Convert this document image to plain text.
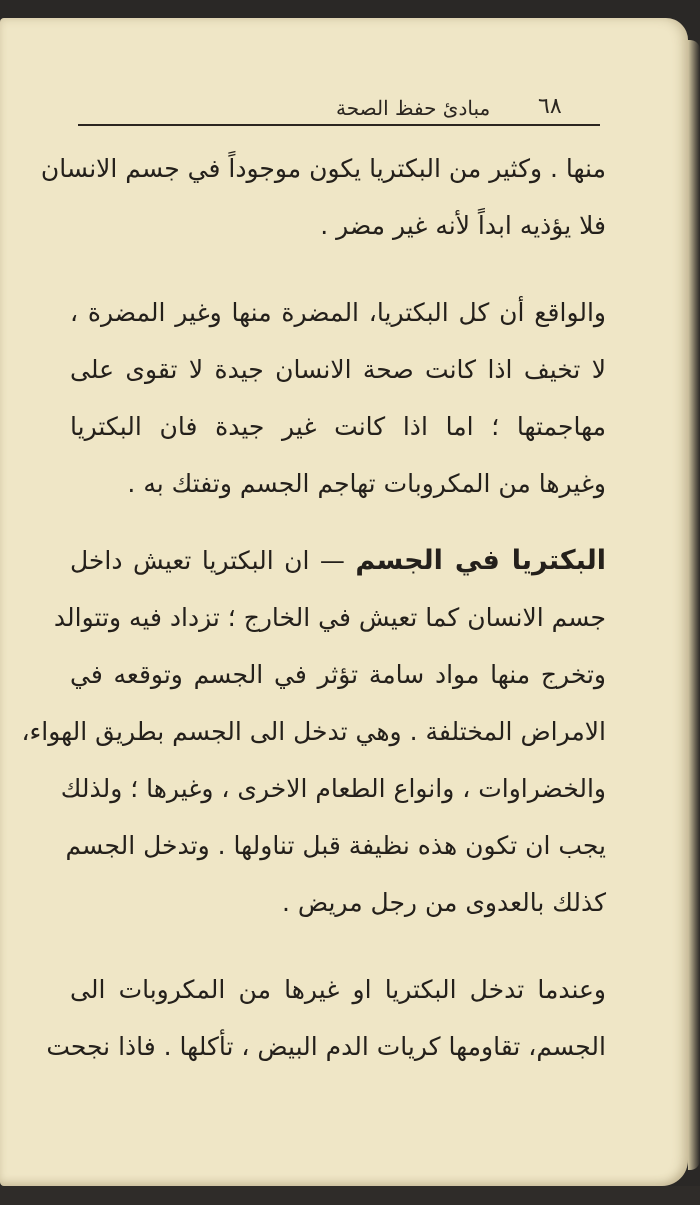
٦٨
مبادئ حفظ الصحة
منها . وكثير من البكتريا يكون موجوداً في جسم الانسان
فلا يؤذيه ابداً لأنه غير مضر .
والواقع أن كل البكتريا، المضرة منها وغير المضرة ،
لا تخيف اذا كانت صحة الانسان جيدة لا تقوى على
مهاجمتها ؛ اما اذا كانت غير جيدة فان البكتريا
وغيرها من المكروبات تهاجم الجسم وتفتك به .
البكتريا في الجسم — ان البكتريا تعيش داخل
جسم الانسان كما تعيش في الخارج ؛ تزداد فيه وتتوالد
وتخرج منها مواد سامة تؤثر في الجسم وتوقعه في
الامراض المختلفة . وهي تدخل الى الجسم بطريق الهواء،
والخضراوات ، وانواع الطعام الاخرى ، وغيرها ؛ ولذلك
يجب ان تكون هذه نظيفة قبل تناولها . وتدخل الجسم
كذلك بالعدوى من رجل مريض .
وعندما تدخل البكتريا او غيرها من المكروبات الى
الجسم، تقاومها كريات الدم البيض ، تأكلها . فاذا نجحت
